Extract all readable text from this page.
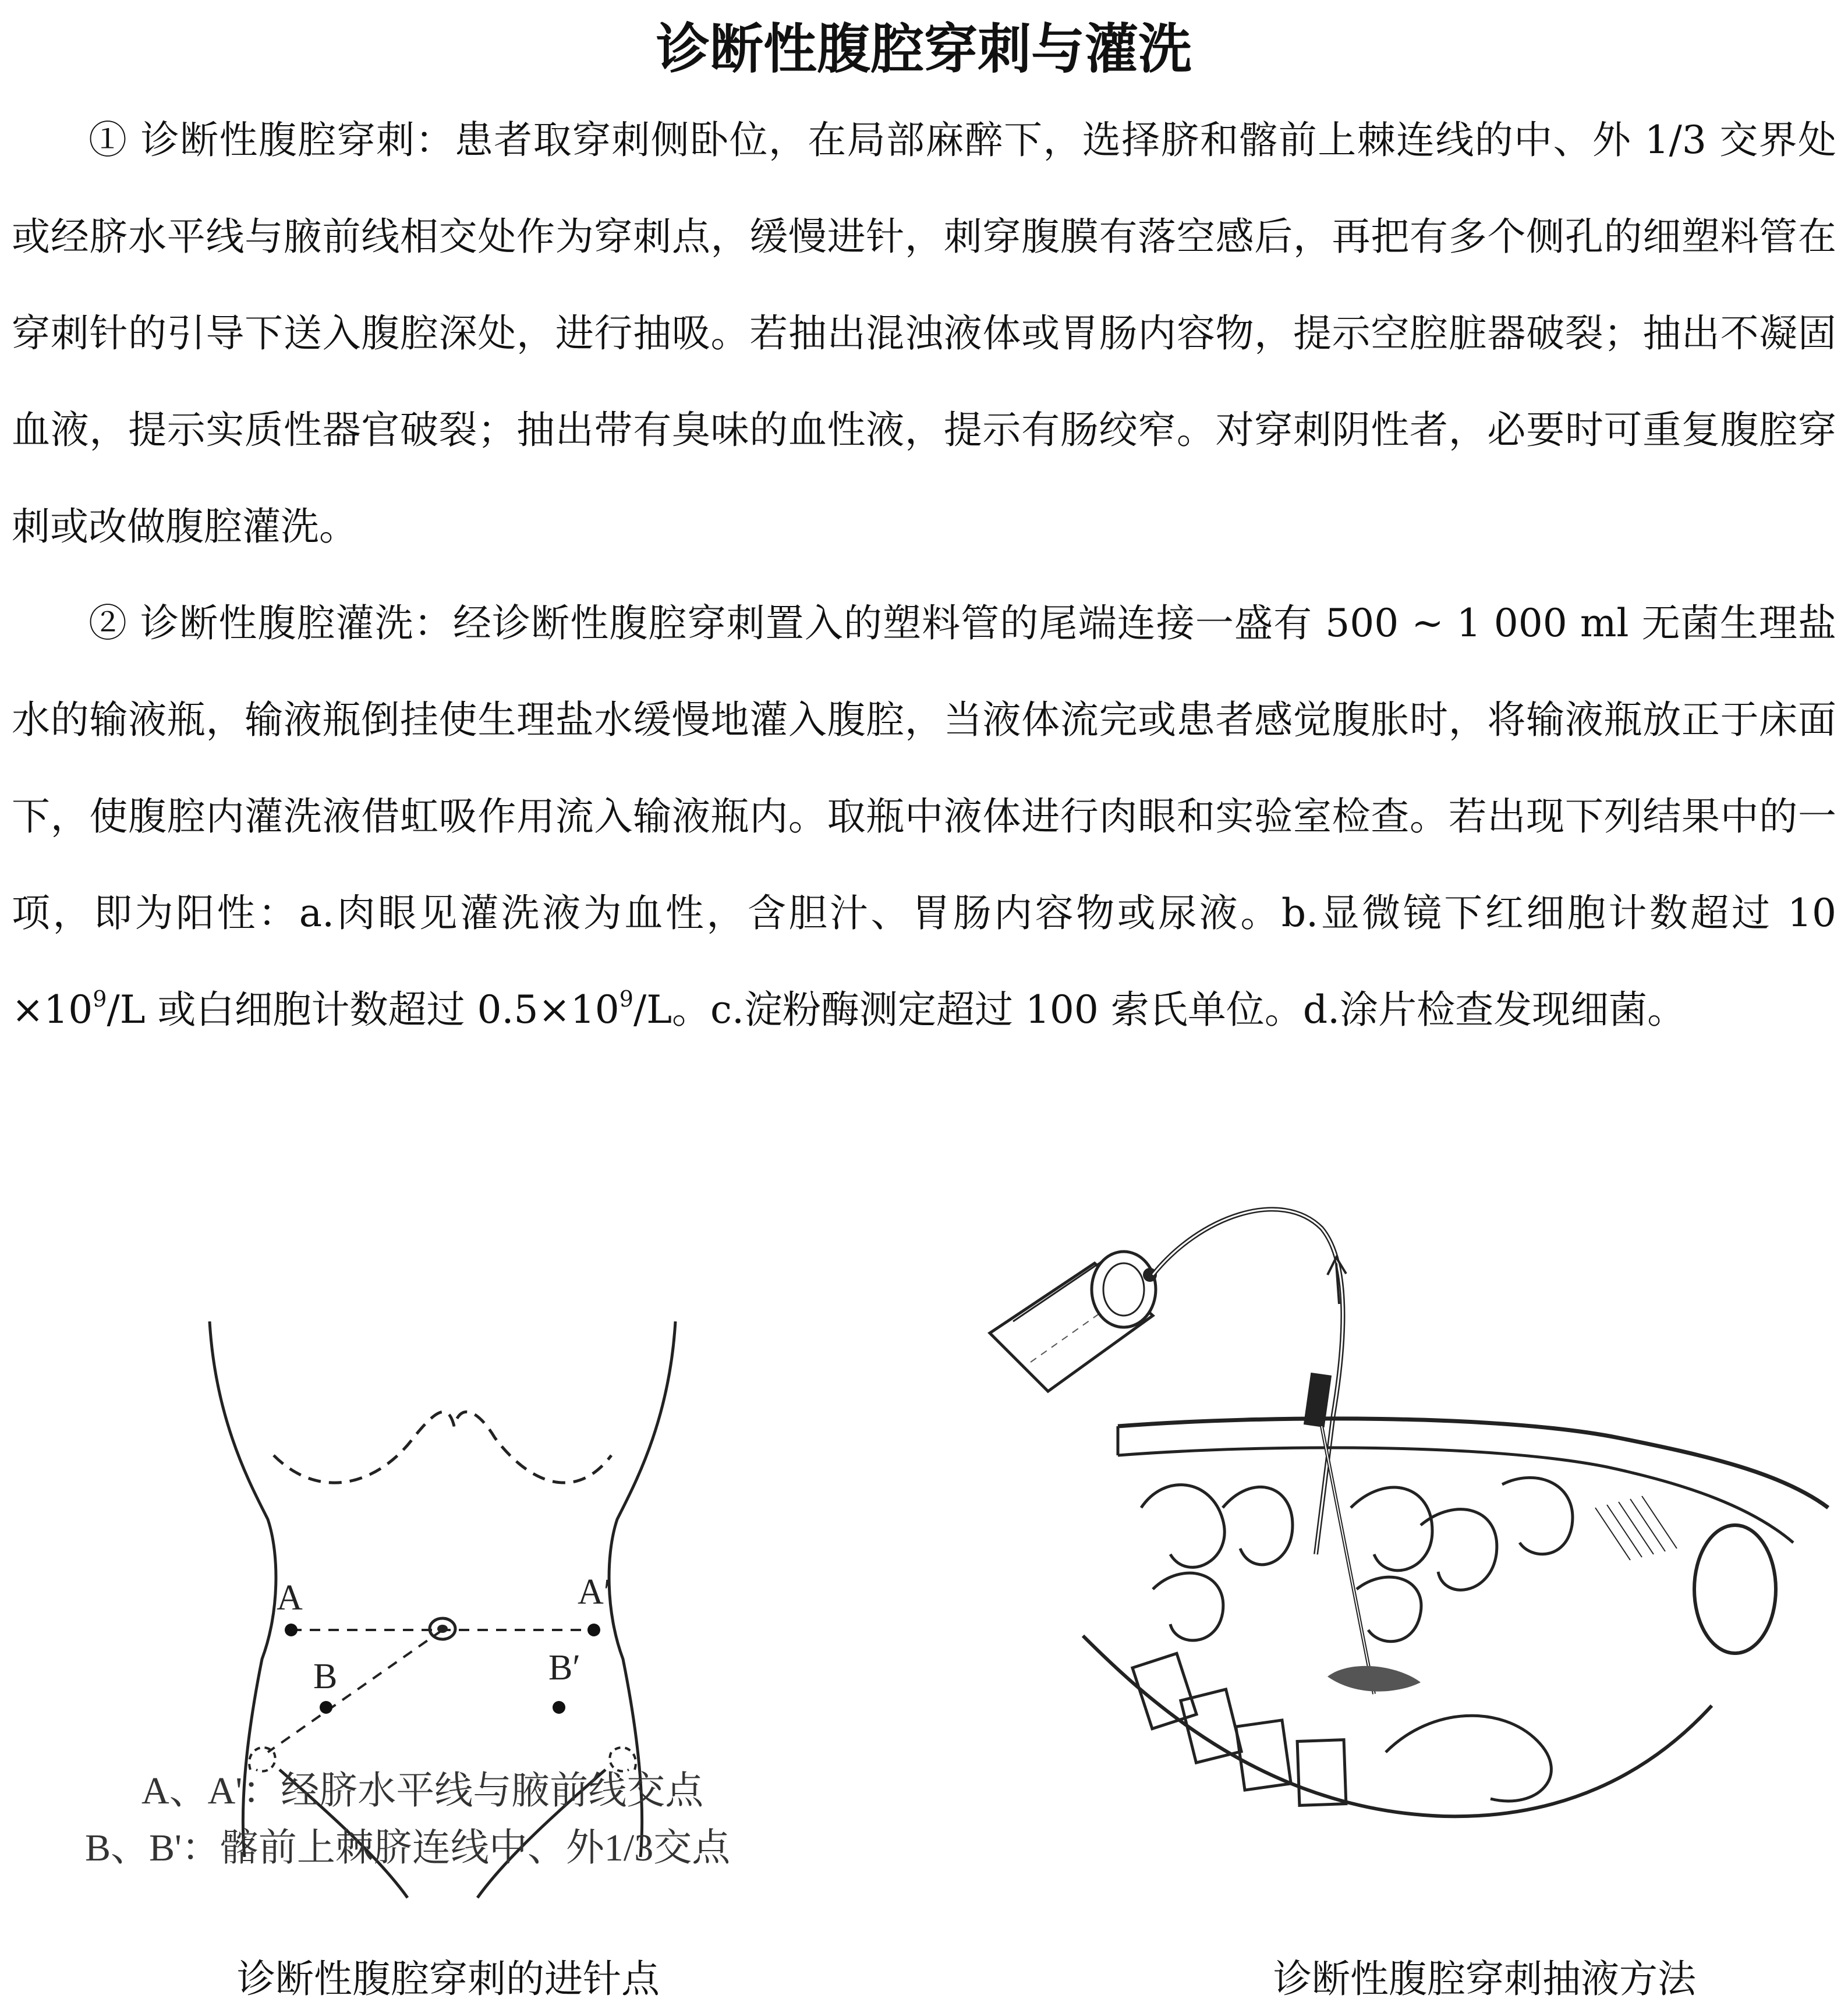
诊断性腹腔穿刺与灌洗

① 诊断性腹腔穿刺：患者取穿刺侧卧位，在局部麻醉下，选择脐和髂前上棘连线的中、外 1/3 交界处或经脐水平线与腋前线相交处作为穿刺点，缓慢进针，刺穿腹膜有落空感后，再把有多个侧孔的细塑料管在穿刺针的引导下送入腹腔深处，进行抽吸。若抽出混浊液体或胃肠内容物，提示空腔脏器破裂；抽出不凝固血液，提示实质性器官破裂；抽出带有臭味的血性液，提示有肠绞窄。对穿刺阴性者，必要时可重复腹腔穿刺或改做腹腔灌洗。

② 诊断性腹腔灌洗：经诊断性腹腔穿刺置入的塑料管的尾端连接一盛有 500 ~ 1 000 ml 无菌生理盐水的输液瓶，输液瓶倒挂使生理盐水缓慢地灌入腹腔，当液体流完或患者感觉腹胀时，将输液瓶放正于床面下，使腹腔内灌洗液借虹吸作用流入输液瓶内。取瓶中液体进行肉眼和实验室检查。若出现下列结果中的一项，即为阳性：a.肉眼见灌洗液为血性，含胆汁、胃肠内容物或尿液。b.显微镜下红细胞计数超过 $10 \times 10^9/L$ 或白细胞计数超过 $0.5\times 10^9/L$。c.淀粉酶测定超过 100 索氏单位。d.涂片检查发现细菌。

A	A′
B	B′
A、A'：经脐水平线与腋前线交点
B、B'：髂前上棘脐连线中、外1/3交点
诊断性腹腔穿刺的进针点	诊断性腹腔穿刺抽液方法
